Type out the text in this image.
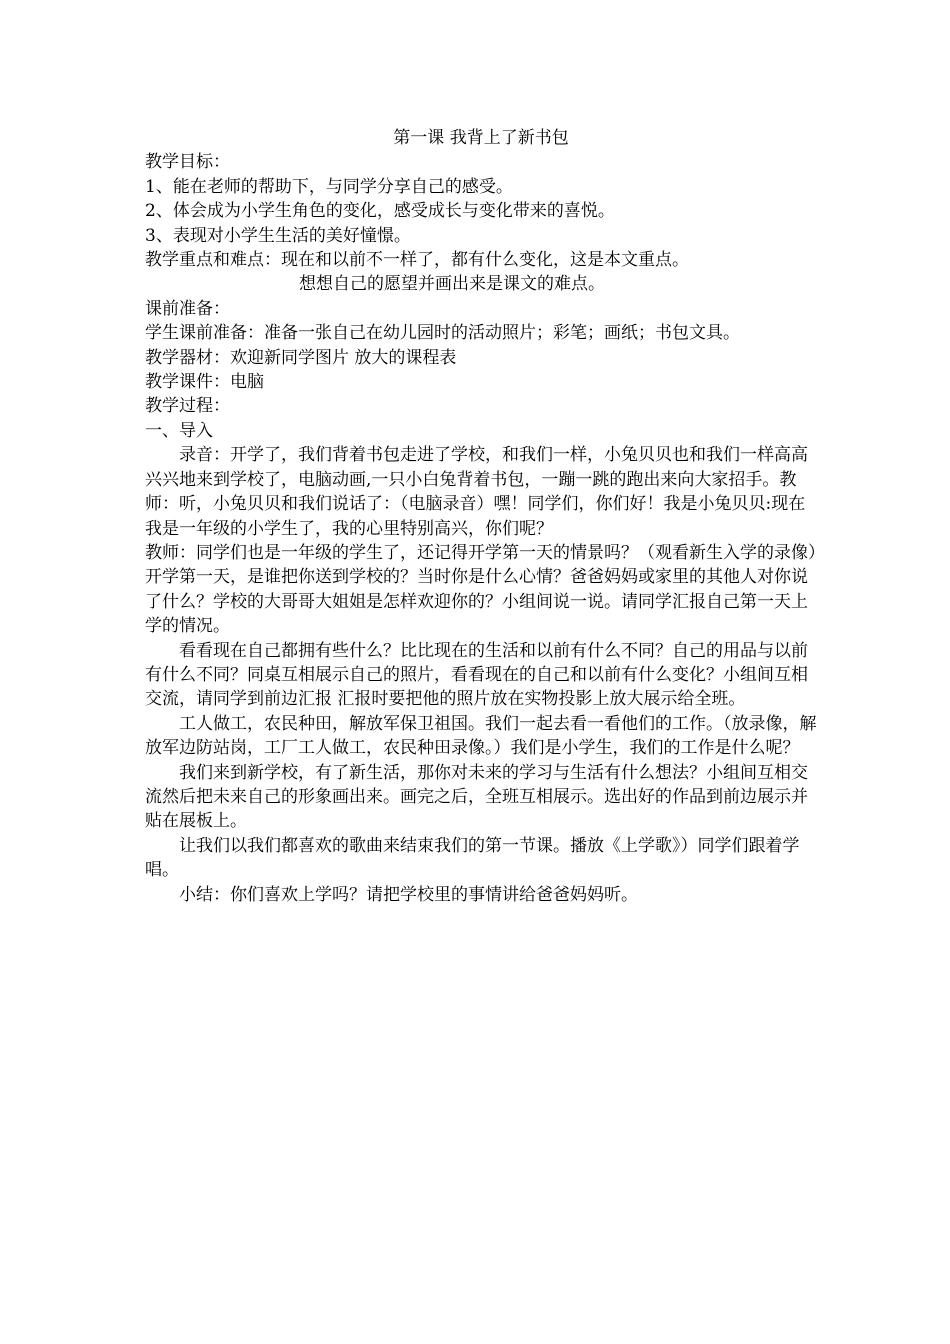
第一课 我背上了新书包

教学目标：

1、能在老师的帮助下，与同学分享自己的感受。

2、体会成为小学生角色的变化，感受成长与变化带来的喜悦。

3、表现对小学生生活的美好憧憬。

教学重点和难点：现在和以前不一样了，都有什么变化，这是本文重点。

想想自己的愿望并画出来是课文的难点。

课前准备：

学生课前准备：准备一张自己在幼儿园时的活动照片；彩笔；画纸；书包文具。

教学器材：欢迎新同学图片 放大的课程表

教学课件：电脑

教学过程：

一、导入

录音：开学了，我们背着书包走进了学校，和我们一样，小兔贝贝也和我们一样高高兴兴地来到学校了，电脑动画,一只小白兔背着书包，一蹦一跳的跑出来向大家招手。教师：听，小兔贝贝和我们说话了：（电脑录音）嘿！同学们，你们好！我是小兔贝贝:现在我是一年级的小学生了，我的心里特别高兴，你们呢？

教师：同学们也是一年级的学生了，还记得开学第一天的情景吗？（观看新生入学的录像）开学第一天，是谁把你送到学校的？当时你是什么心情？爸爸妈妈或家里的其他人对你说了什么？学校的大哥哥大姐姐是怎样欢迎你的？小组间说一说。请同学汇报自己第一天上学的情况。

看看现在自己都拥有些什么？比比现在的生活和以前有什么不同？自己的用品与以前有什么不同？同桌互相展示自己的照片，看看现在的自己和以前有什么变化？小组间互相交流，请同学到前边汇报 汇报时要把他的照片放在实物投影上放大展示给全班。

工人做工，农民种田，解放军保卫祖国。我们一起去看一看他们的工作。（放录像，解放军边防站岗，工厂工人做工，农民种田录像。）我们是小学生，我们的工作是什么呢？

我们来到新学校，有了新生活，那你对未来的学习与生活有什么想法？小组间互相交流然后把未来自己的形象画出来。画完之后，全班互相展示。选出好的作品到前边展示并贴在展板上。

让我们以我们都喜欢的歌曲来结束我们的第一节课。播放《上学歌》）同学们跟着学唱。

小结：你们喜欢上学吗？请把学校里的事情讲给爸爸妈妈听。
